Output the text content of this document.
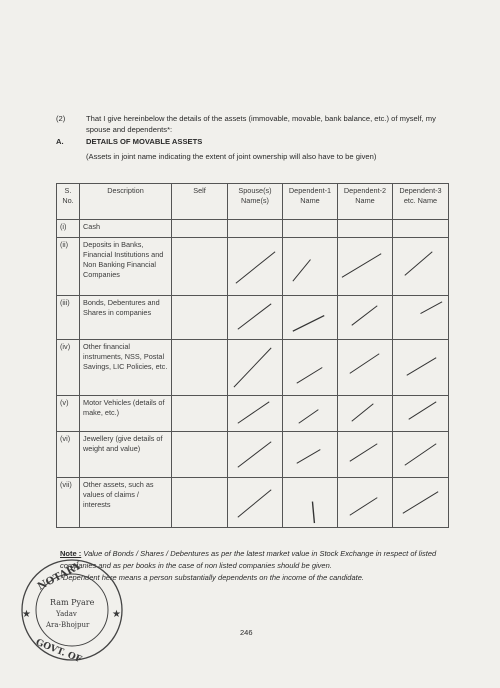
(2)	That I give hereinbelow the details of the assets (immovable, movable, bank balance, etc.) of myself, my spouse and dependents*:
A.	DETAILS OF MOVABLE ASSETS
(Assets in joint name indicating the extent of joint ownership will also have to be given)
S. No.	Description	Self	Spouse(s) Name(s)	Dependent-1 Name	Dependent-2 Name	Dependent-3 etc. Name
(i)	Cash					
(ii)	Deposits in Banks, Financial Institutions and Non Banking Financial Companies		

(iii)	Bonds, Debentures and Shares in companies		

(iv)	Other financial instruments, NSS, Postal Savings, LIC Policies, etc.		

(v)	Motor Vehicles (details of make, etc.)		

(vi)	Jewellery (give details of weight and value)		

(vii)	Other assets, such as values of claims / interests		

Note : Value of Bonds / Shares / Debentures as per the latest market value in Stock Exchange in respect of listed companies and as per books in the case of non listed companies should be given.
*Dependent here means a person substantially dependents on the income of the candidate.
246
NOTARY
Ram Pyare
Yadav
Ara-Bhojpur
GOVT. OF
★	★
